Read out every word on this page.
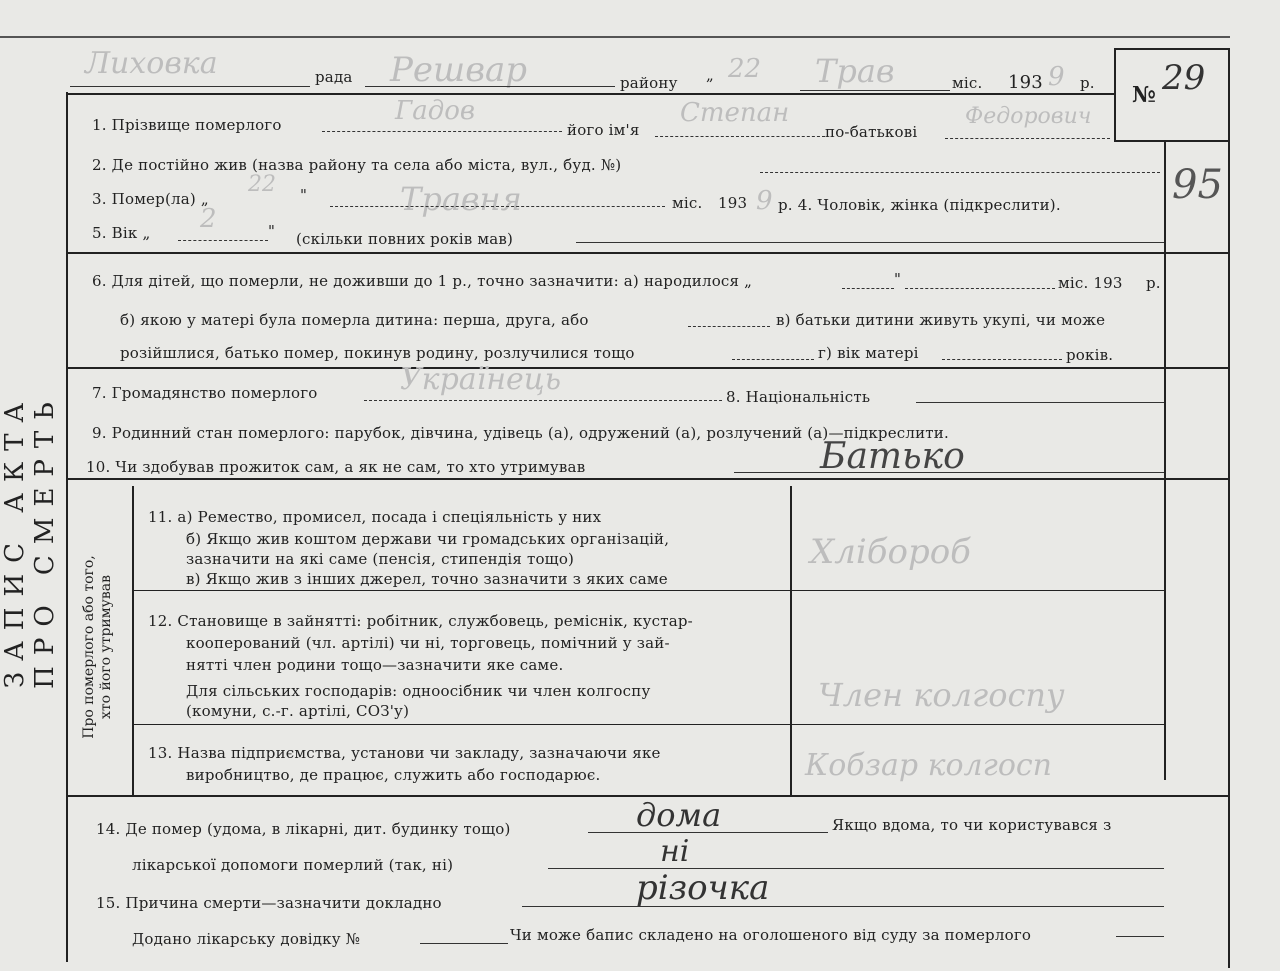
ЗАПИС АКТА ПРО СМЕРТЬ
Лиховка	рада Решвар	району „ 22 Трав	міс. 193 9 р. № 29
95
1. Прізвище померлого	Гадов
його ім'я
Степан
по-батькові
Федорович
2. Де постійно жив (назва району та села або міста, вул., буд. №)
3. Помер(ла) „
22 "	Травня	міс. 193 9 р. 4. Чоловік, жінка (підкреслити).
5. Вік „ 2	" (скільки повних років мав)
6. Для дітей, що померли, не доживши до 1 р., точно зазначити: а) народилося „	"	міс. 193 р.
б) якою у матері була померла дитина: перша, друга, або	в) батьки дитини живуть укупі, чи може
розійшлися, батько помер, покинув родину, розлучилися тощо	г) вік матері	років.
7. Громадянство померлого	Українець	8. Національність
9. Родинний стан померлого: парубок, дівчина, удівець (а), одружений (а), розлучений (а)—підкреслити.
10. Чи здобував прожиток сам, а як не сам, то хто утримував	Батько
Про померлого або того, хто його утримував
11. а) Ремество, промисел, посада і спеціяльність у них
б) Якщо жив коштом держави чи громадських організацій,
зазначити на які саме (пенсія, стипендія тощо)
в) Якщо жив з інших джерел, точно зазначити з яких саме
Хлібороб
12. Становище в зайнятті: робітник, службовець, реміснік, кустар-
кооперований (чл. артілі) чи ні, торговець, помічний у зай-
нятті член родини тощо—зазначити яке саме.
Для сільських господарів: одноосібник чи член колгоспу
(комуни, с.-г. артілі, СОЗ'у)	Член колгоспу
13. Назва підприємства, установи чи закладу, зазначаючи яке
виробництво, де працює, служить або господарює.	Кобзар колгосп
14. Де помер (удома, в лікарні, дит. будинку тощо)	дома	Якщо вдома, то чи користувався з
лікарської допомоги померлий (так, ні)	ні
15. Причина смерти—зазначити докладно	різочка
Додано лікарську довідку №	Чи може бапис складено на оголошеного від суду за померлого
